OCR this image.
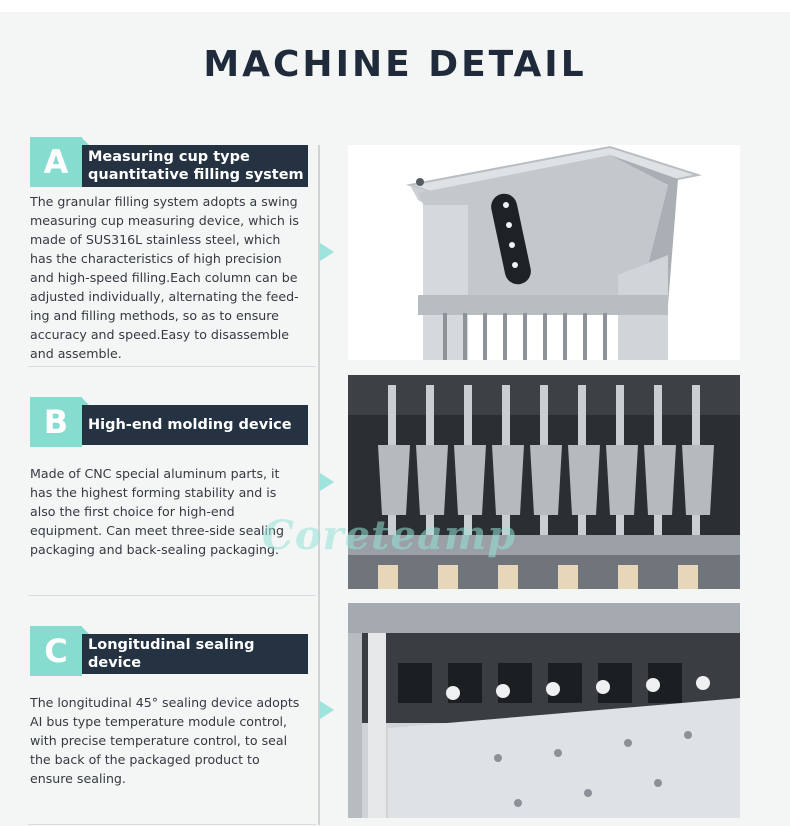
MACHINE DETAIL
A	Measuring cup type
quantitative filling system
The granular filling system adopts a swing measuring cup measuring device, which is made of SUS316L stainless steel, which has the characteristics of high precision and high-speed filling.Each column can be adjusted individually, alternating the feed-ing and filling methods, so as to ensure accuracy and speed.Easy to disassemble and assemble.
B	High-end molding device
Made of CNC special aluminum parts, it has the highest forming stability and is also the first choice for high-end equipment. Can meet three-side sealing packaging and back-sealing packaging.
C	Longitudinal sealing device
The longitudinal 45° sealing device adopts AI bus type temperature module control, with precise temperature control, to seal the back of the packaged product to ensure sealing.
Coreteamp
